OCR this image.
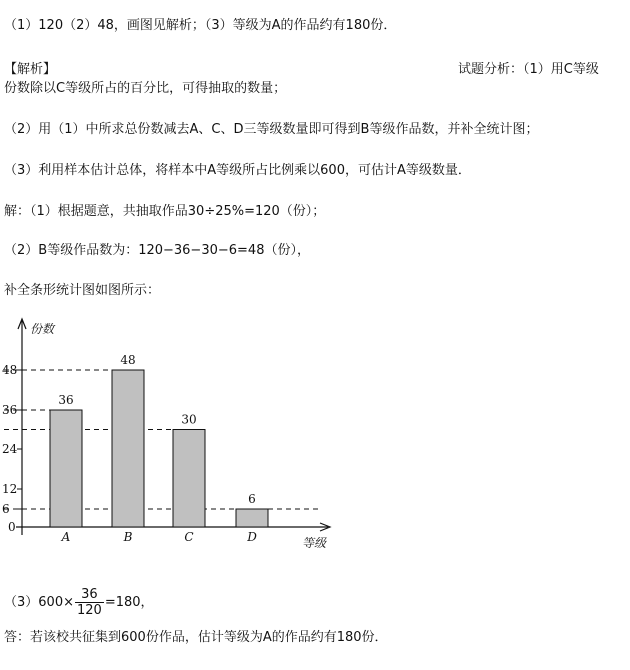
（1）120（2）48，画图见解析；（3）等级为A的作品约有180份．
【解析】	试题分析：（1）用C等级
份数除以C等级所占的百分比，可得抽取的数量；
（2）用（1）中所求总份数减去A、C、D三等级数量即可得到B等级作品数，并补全统计图；
（3）利用样本估计总体，将样本中A等级所占比例乘以600，可估计A等级数量．
解：（1）根据题意，共抽取作品30÷25%=120（份）；
（2）B等级作品数为：120−36−30−6=48（份），
补全条形统计图如图所示：
份数
等级
0
6
12
24
36
48
36
A
48
B
30
C
6
D
$(3)600\times \frac{36}{120} =180$，
答：若该校共征集到600份作品，估计等级为A的作品约有180份．
